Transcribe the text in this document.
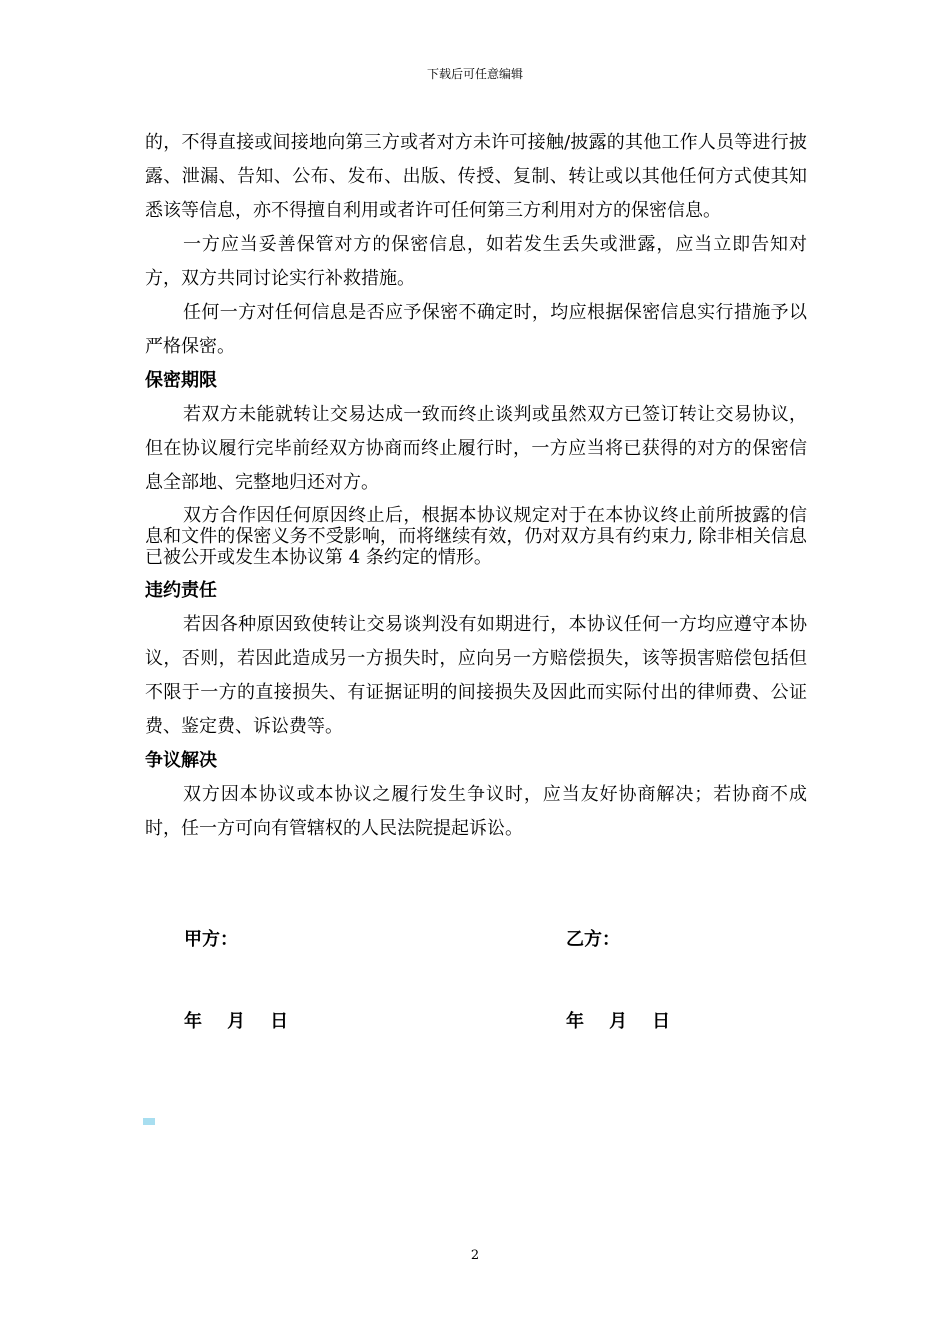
下载后可任意编辑

的，不得直接或间接地向第三方或者对方未许可接触/披露的其他工作人员等进行披露、泄漏、告知、公布、发布、出版、传授、复制、转让或以其他任何方式使其知悉该等信息，亦不得擅自利用或者许可任何第三方利用对方的保密信息。

一方应当妥善保管对方的保密信息，如若发生丢失或泄露，应当立即告知对方，双方共同讨论实行补救措施。

任何一方对任何信息是否应予保密不确定时，均应根据保密信息实行措施予以严格保密。

保密期限

若双方未能就转让交易达成一致而终止谈判或虽然双方已签订转让交易协议，但在协议履行完毕前经双方协商而终止履行时，一方应当将已获得的对方的保密信息全部地、完整地归还对方。

双方合作因任何原因终止后，根据本协议规定对于在本协议终止前所披露的信息和文件的保密义务不受影响，而将继续有效，仍对双方具有约束力, 除非相关信息已被公开或发生本协议第 4 条约定的情形。

违约责任

若因各种原因致使转让交易谈判没有如期进行，本协议任何一方均应遵守本协议，否则，若因此造成另一方损失时，应向另一方赔偿损失，该等损害赔偿包括但不限于一方的直接损失、有证据证明的间接损失及因此而实际付出的律师费、公证费、鉴定费、诉讼费等。

争议解决

双方因本协议或本协议之履行发生争议时，应当友好协商解决；若协商不成时，任一方可向有管辖权的人民法院提起诉讼。

甲方：	乙方：
年    月    日	年    月    日
2
